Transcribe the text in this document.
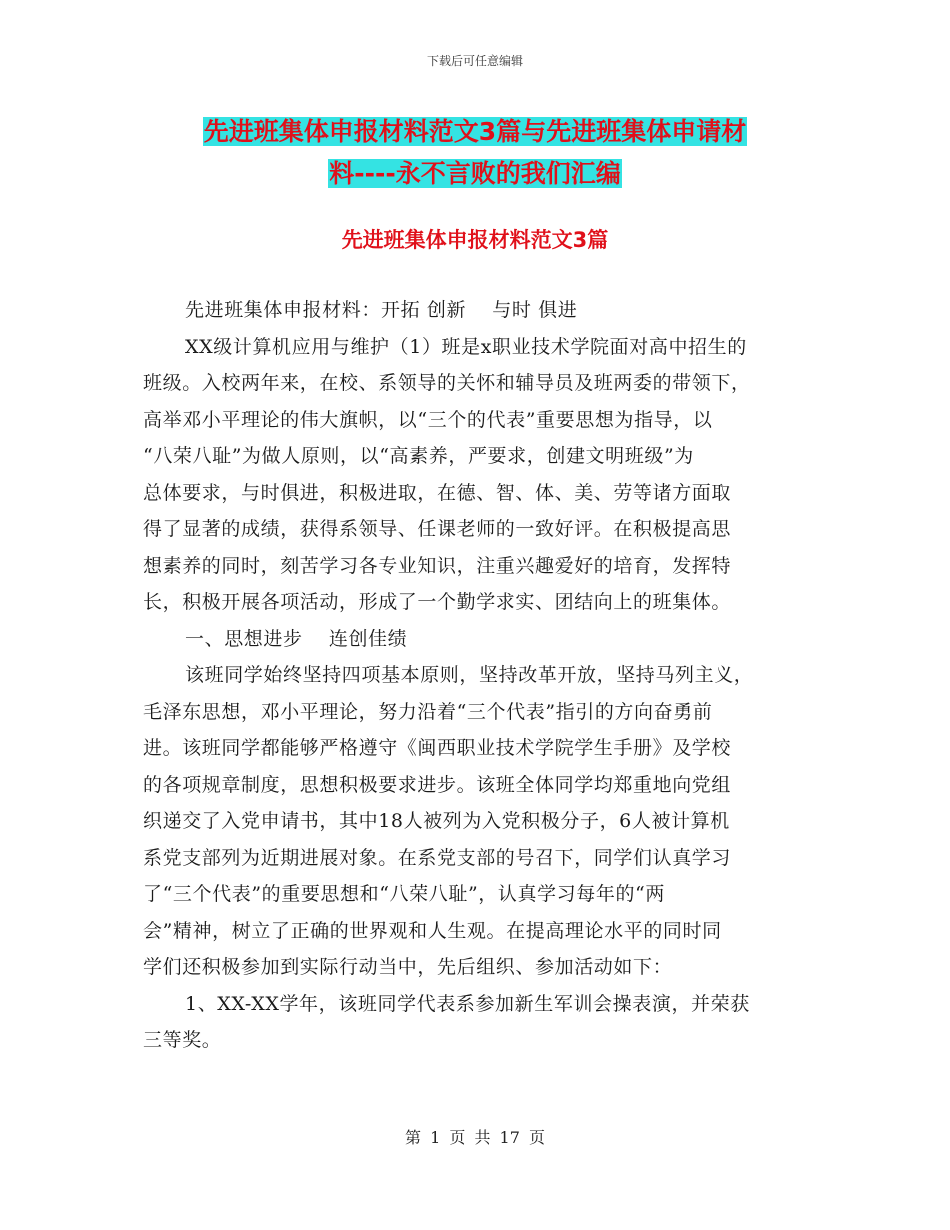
下载后可任意编辑
先进班集体申报材料范文3篇与先进班集体申请材
料----永不言败的我们汇编
先进班集体申报材料范文3篇

先进班集体申报材料：开拓 创新　 与时 俱进

XX级计算机应用与维护（1）班是x职业技术学院面对高中招生的

班级。入校两年来，在校、系领导的关怀和辅导员及班两委的带领下，

高举邓小平理论的伟大旗帜，以“三个的代表”重要思想为指导，以

“八荣八耻”为做人原则，以“高素养，严要求，创建文明班级”为

总体要求，与时俱进，积极进取，在德、智、体、美、劳等诸方面取

得了显著的成绩，获得系领导、任课老师的一致好评。在积极提高思

想素养的同时，刻苦学习各专业知识，注重兴趣爱好的培育，发挥特

长，积极开展各项活动，形成了一个勤学求实、团结向上的班集体。

一、思想进步　 连创佳绩

该班同学始终坚持四项基本原则，坚持改革开放，坚持马列主义，

毛泽东思想，邓小平理论，努力沿着“三个代表”指引的方向奋勇前

进。该班同学都能够严格遵守《闽西职业技术学院学生手册》及学校

的各项规章制度，思想积极要求进步。该班全体同学均郑重地向党组

织递交了入党申请书，其中18人被列为入党积极分子，6人被计算机

系党支部列为近期进展对象。在系党支部的号召下，同学们认真学习

了“三个代表”的重要思想和“八荣八耻”，认真学习每年的“两

会”精神，树立了正确的世界观和人生观。在提高理论水平的同时同

学们还积极参加到实际行动当中，先后组织、参加活动如下：

1、XX-XX学年，该班同学代表系参加新生军训会操表演，并荣获

三等奖。

第 1 页 共 17 页
